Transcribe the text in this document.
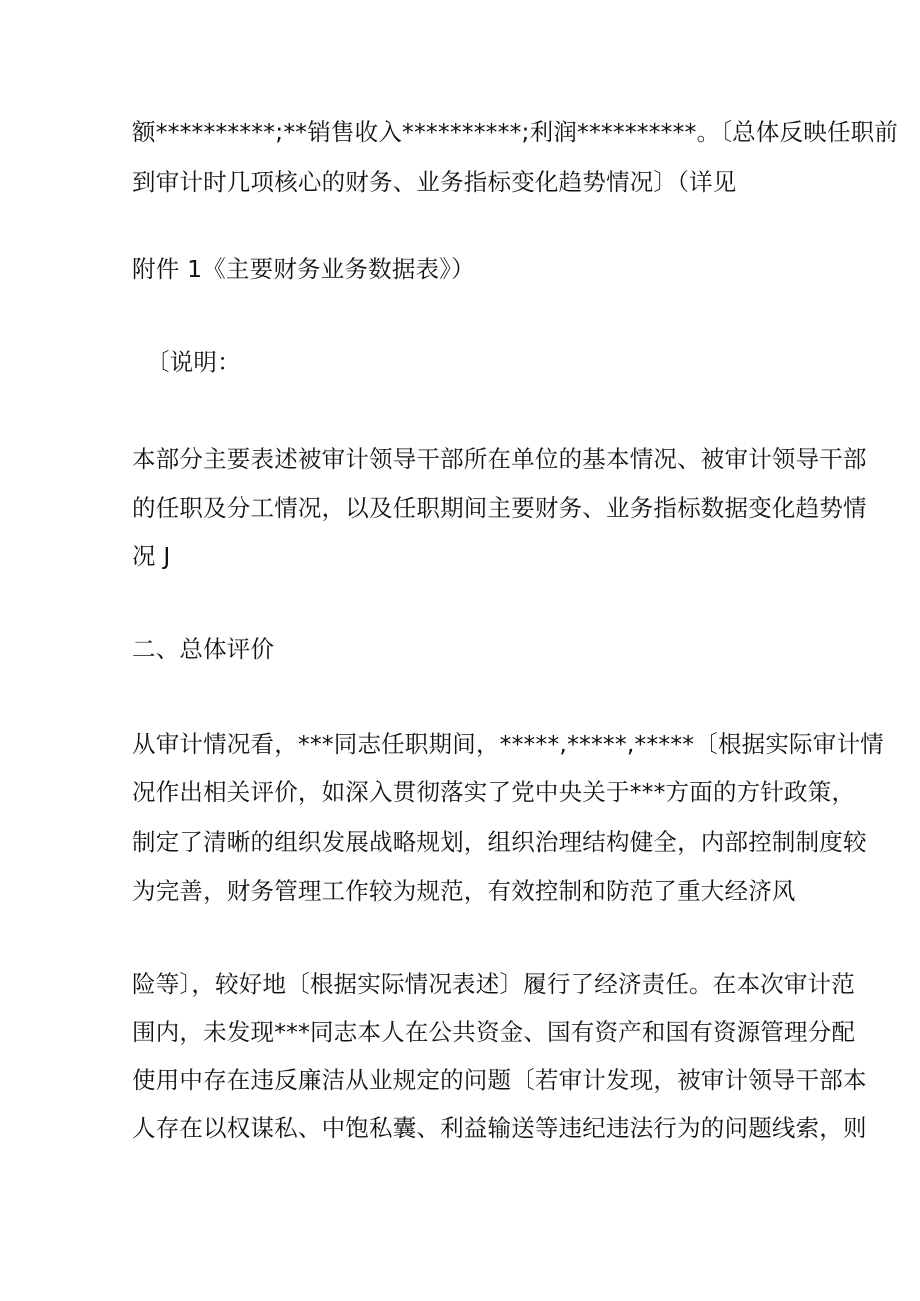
额**********;**销售收入**********;利润**********。〔总体反映任职前
到审计时几项核心的财务、业务指标变化趋势情况〕（详见
附件 1《主要财务业务数据表》）
〔说明：
本部分主要表述被审计领导干部所在单位的基本情况、被审计领导干部
的任职及分工情况，以及任职期间主要财务、业务指标数据变化趋势情
况 J
二、总体评价
从审计情况看，***同志任职期间，*****,*****,*****〔根据实际审计情
况作出相关评价，如深入贯彻落实了党中央关于***方面的方针政策，
制定了清晰的组织发展战略规划，组织治理结构健全，内部控制制度较
为完善，财务管理工作较为规范，有效控制和防范了重大经济风
险等〕，较好地〔根据实际情况表述〕履行了经济责任。在本次审计范
围内，未发现***同志本人在公共资金、国有资产和国有资源管理分配
使用中存在违反廉洁从业规定的问题〔若审计发现，被审计领导干部本
人存在以权谋私、中饱私囊、利益输送等违纪违法行为的问题线索，则
